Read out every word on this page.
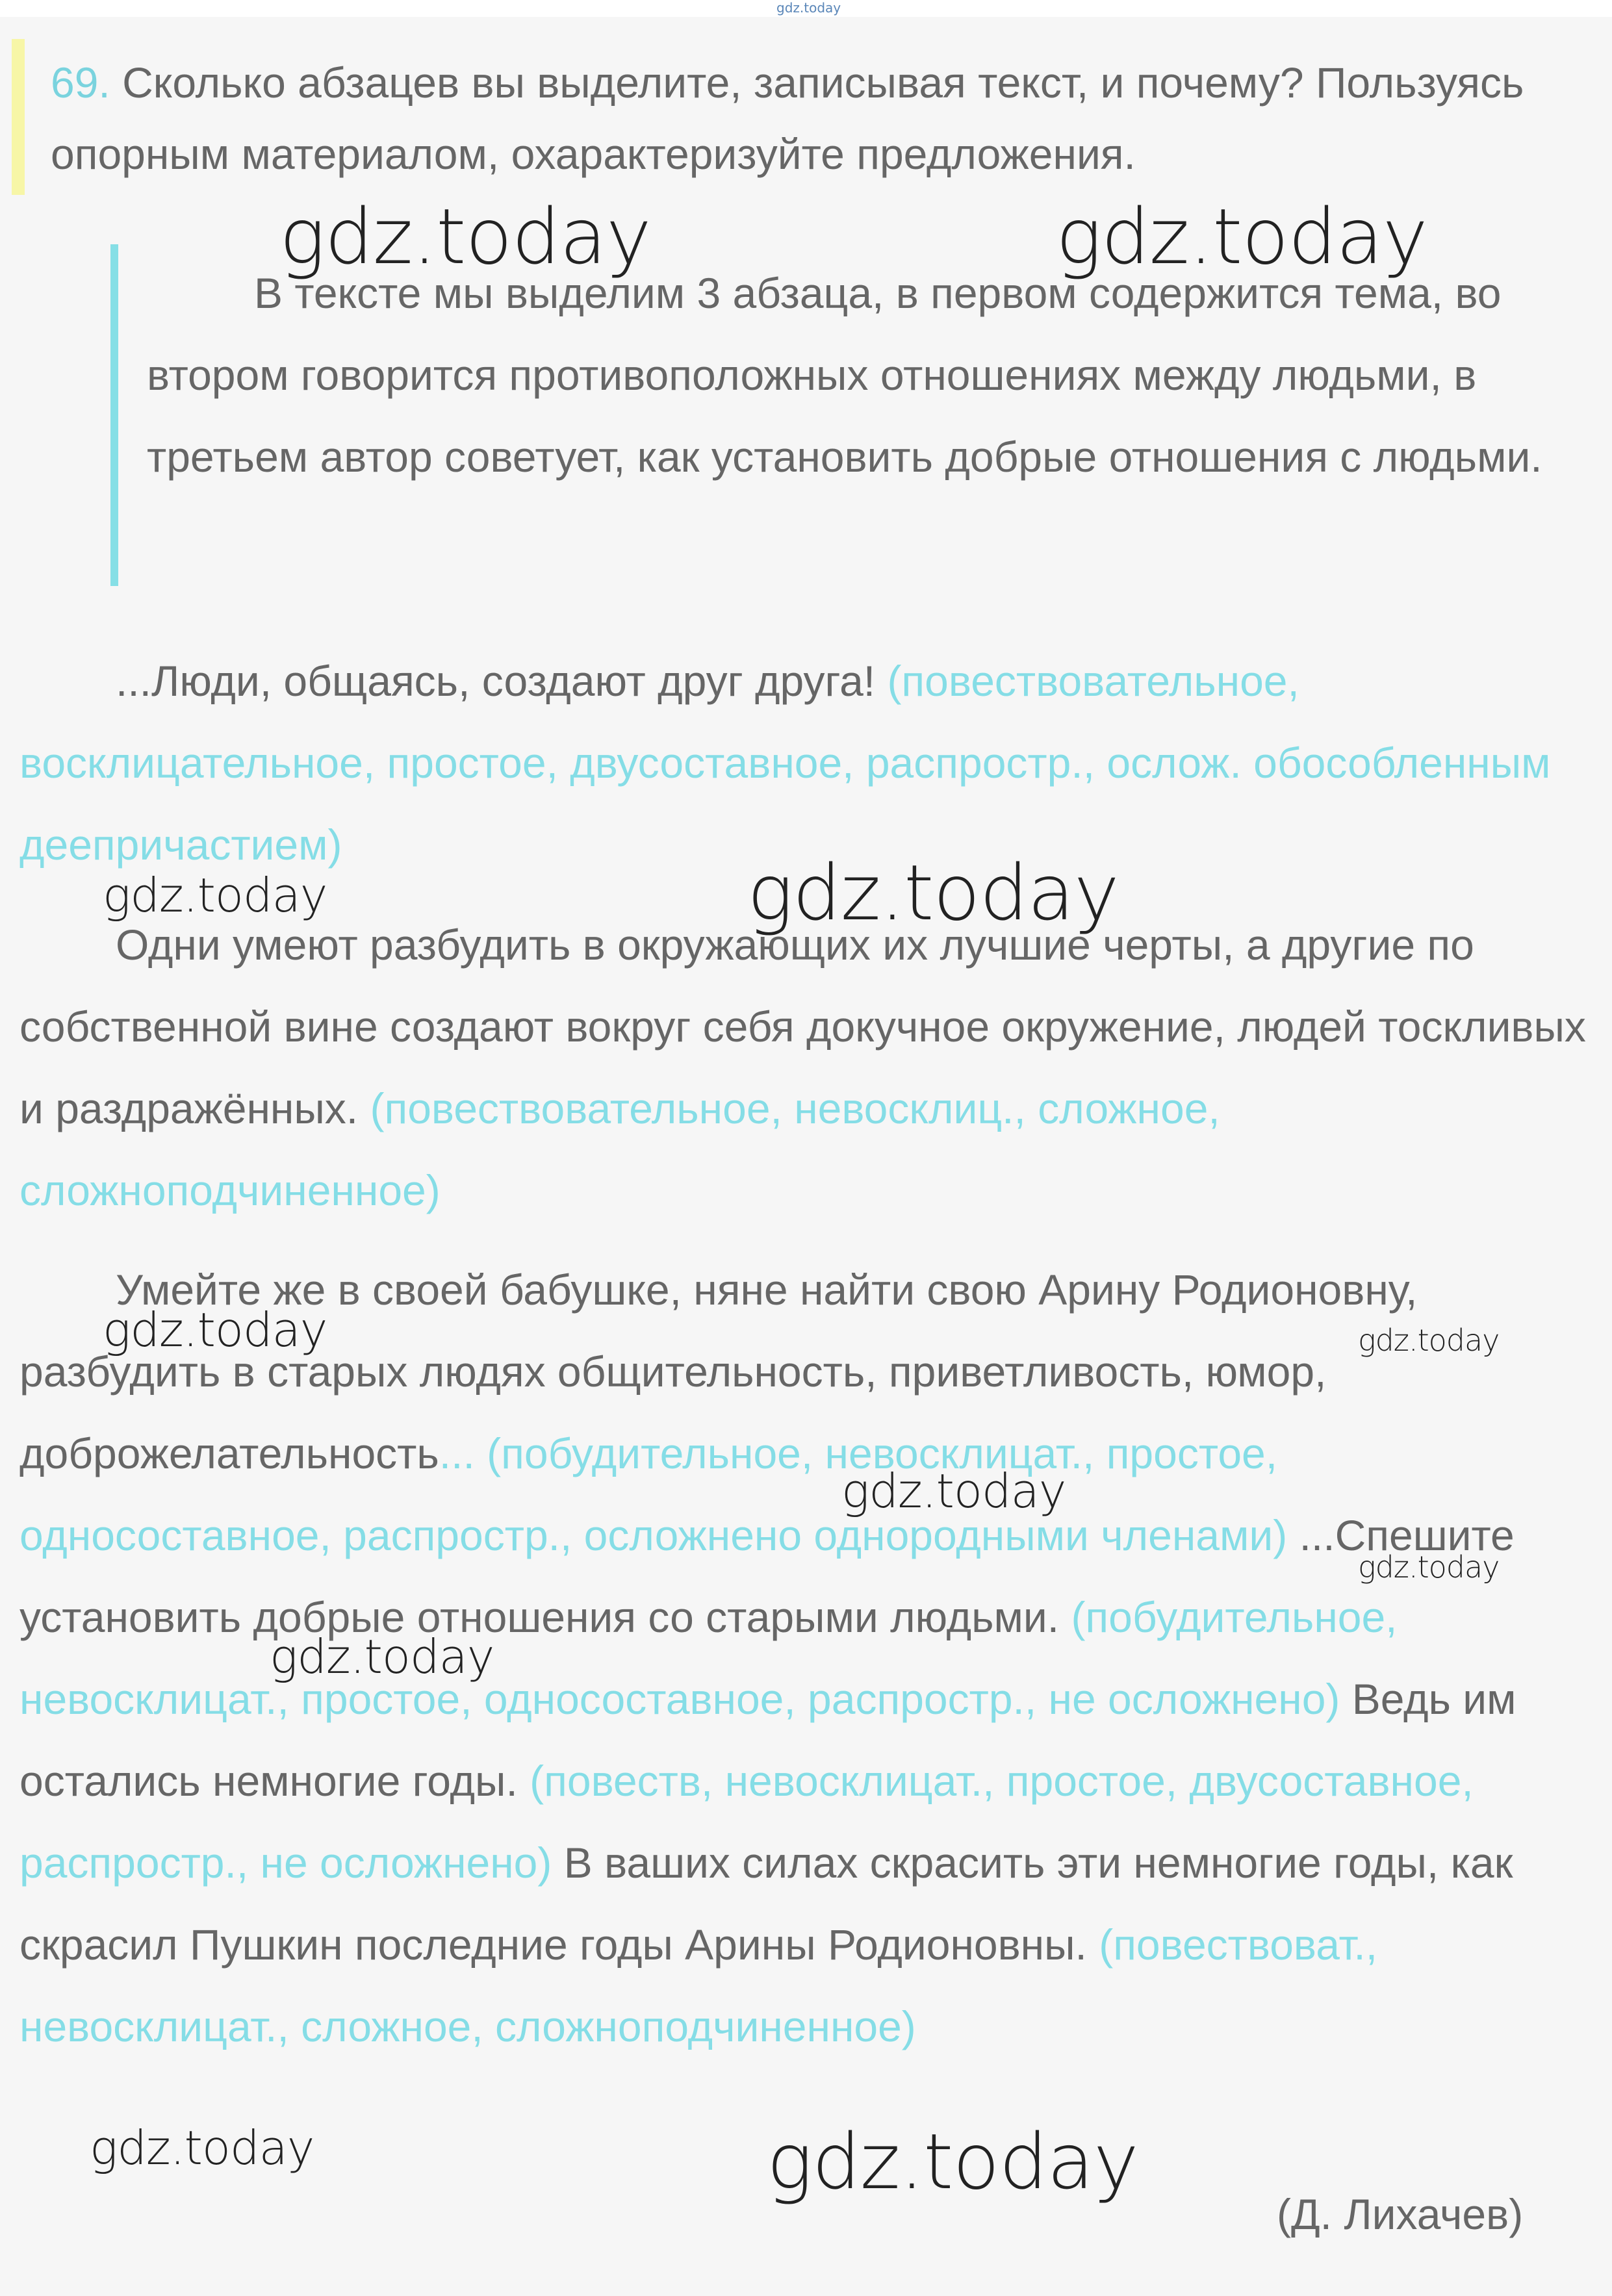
gdz.today
69. Сколько абзацев вы выделите, записывая текст, и почему? Пользуясь опорным материалом, охарактеризуйте предложения.

В тексте мы выделим 3 абзаца, в первом содержится тема, во втором говорится противоположных отношениях между людьми, в третьем автор советует, как установить добрые отношения с людьми.

...Люди, общаясь, создают друг друга! (повествовательное, восклицательное, простое, двусоставное, распростр., ослож. обособленным деепричастием)

Одни умеют разбудить в окружающих их лучшие черты, а другие по собственной вине создают вокруг себя докучное окружение, людей тоскливых и раздражённых. (повествовательное, невосклиц., сложное, сложноподчиненное)

Умейте же в своей бабушке, няне найти свою Арину Родионовну, разбудить в старых людях общительность, приветливость, юмор, доброжелательность... (побудительное, невосклицат., простое, односоставное, распростр., осложнено однородными членами) ...Спешите установить добрые отношения со старыми людьми. (побудительное, невосклицат., простое, односоставное, распростр., не осложнено) Ведь им остались немногие годы. (повеств, невосклицат., простое, двусоставное, распростр., не осложнено) В ваших силах скрасить эти немногие годы, как скрасил Пушкин последние годы Арины Родионовны. (повествоват., невосклицат., сложное, сложноподчиненное)

(Д. Лихачев)
gdz.today	gdz.today
gdz.today	gdz.today
gdz.today	gdz.today
gdz.today
gdz.today
gdz.today
gdz.today	gdz.today
